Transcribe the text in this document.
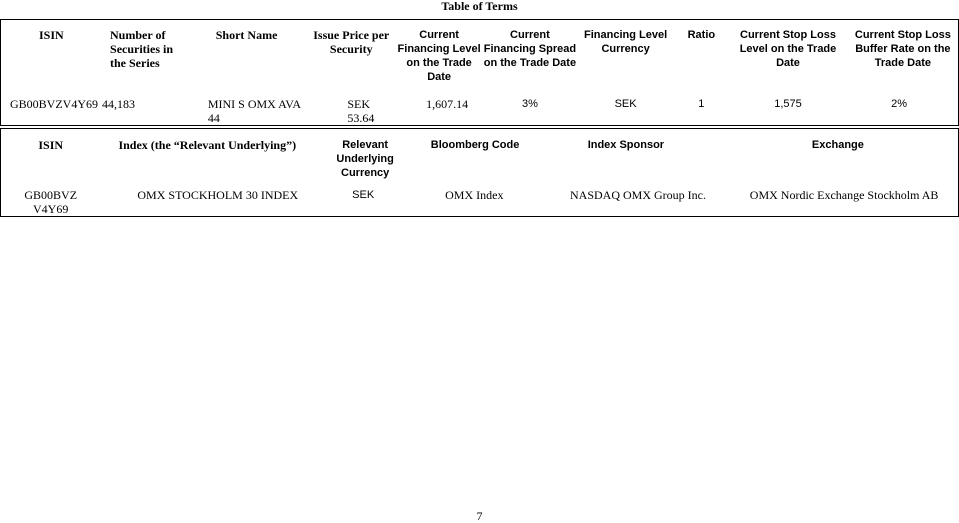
Table of Terms
ISIN	Number of Securities in the Series	Short Name	Issue Price per Security	Current Financing Level on the Trade Date	Current Financing Spread on the Trade Date	Financing Level Currency	Ratio	Current Stop Loss Level on the Trade Date	Current Stop Loss Buffer Rate on the Trade Date
GB00BVZV4Y69	44,183	MINI S OMX AVA 44	SEK 53.64	1,607.14	3%	SEK	1	1,575	2%
ISIN	Index (the “Relevant Underlying”)	Relevant Underlying Currency	Bloomberg Code	Index Sponsor	Exchange
GB00BVZV4Y69	OMX STOCKHOLM 30 INDEX	SEK	OMX Index	NASDAQ OMX Group Inc.	OMX Nordic Exchange Stockholm AB
7
